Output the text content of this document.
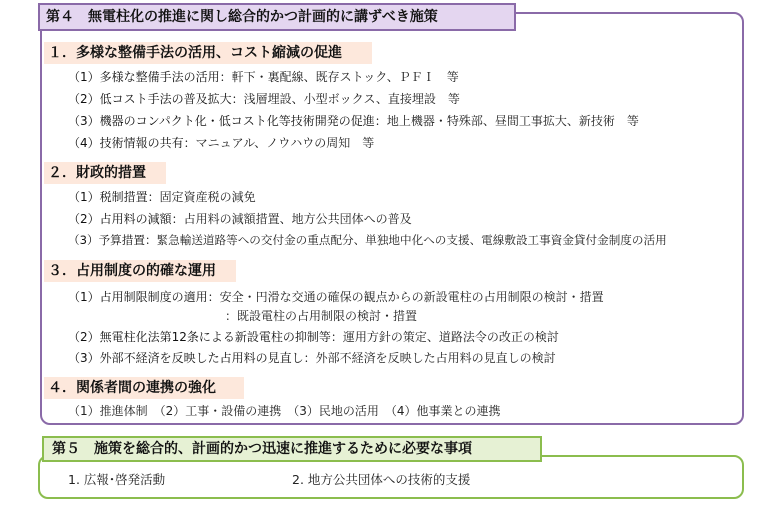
第４　無電柱化の推進に関し総合的かつ計画的に講ずべき施策
１．多様な整備手法の活用、コスト縮減の促進
（1）多様な整備手法の活用：軒下・裏配線、既存ストック、ＰＦＩ　等
（2）低コスト手法の普及拡大：浅層埋設、小型ボックス、直接埋設　等
（3）機器のコンパクト化・低コスト化等技術開発の促進：地上機器・特殊部、昼間工事拡大、新技術　等
（4）技術情報の共有：マニュアル、ノウハウの周知　等
２．財政的措置
（1）税制措置：固定資産税の減免
（2）占用料の減額：占用料の減額措置、地方公共団体への普及
（3）予算措置：緊急輸送道路等への交付金の重点配分、単独地中化への支援、電線敷設工事資金貸付金制度の活用
３．占用制度の的確な運用
（1）占用制限制度の適用：安全・円滑な交通の確保の観点からの新設電柱の占用制限の検討・措置
：既設電柱の占用制限の検討・措置
（2）無電柱化法第12条による新設電柱の抑制等：運用方針の策定、道路法令の改正の検討
（3）外部不経済を反映した占用料の見直し：外部不経済を反映した占用料の見直しの検討
４．関係者間の連携の強化
（1）推進体制　（2）工事・設備の連携　（3）民地の活用　（4）他事業との連携
第５　施策を総合的、計画的かつ迅速に推進するために必要な事項
1. 広報･啓発活動	2. 地方公共団体への技術的支援
